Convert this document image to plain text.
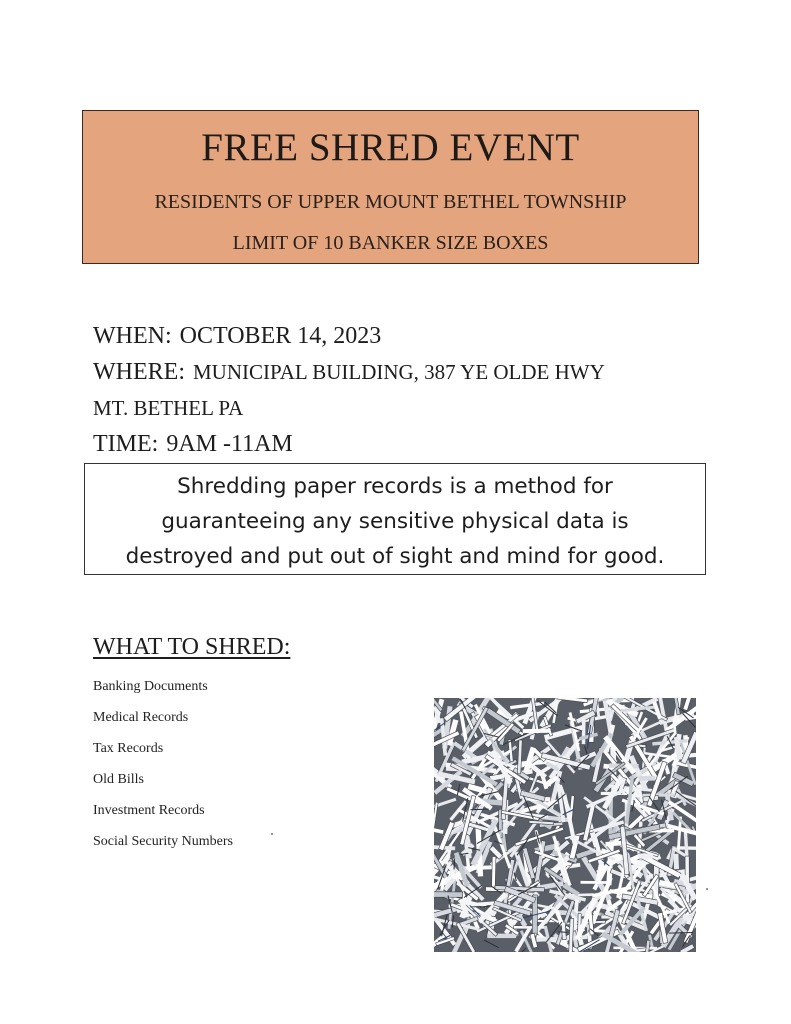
FREE SHRED EVENT
RESIDENTS OF UPPER MOUNT BETHEL TOWNSHIP
LIMIT OF 10 BANKER SIZE BOXES
WHEN: OCTOBER 14, 2023
WHERE: MUNICIPAL BUILDING, 387 YE OLDE HWY
MT. BETHEL PA
TIME: 9AM -11AM
Shredding paper records is a method for
guaranteeing any sensitive physical data is
destroyed and put out of sight and mind for good.
WHAT TO SHRED:
Banking Documents
Medical Records
Tax Records
Old Bills
Investment Records
Social Security Numbers
